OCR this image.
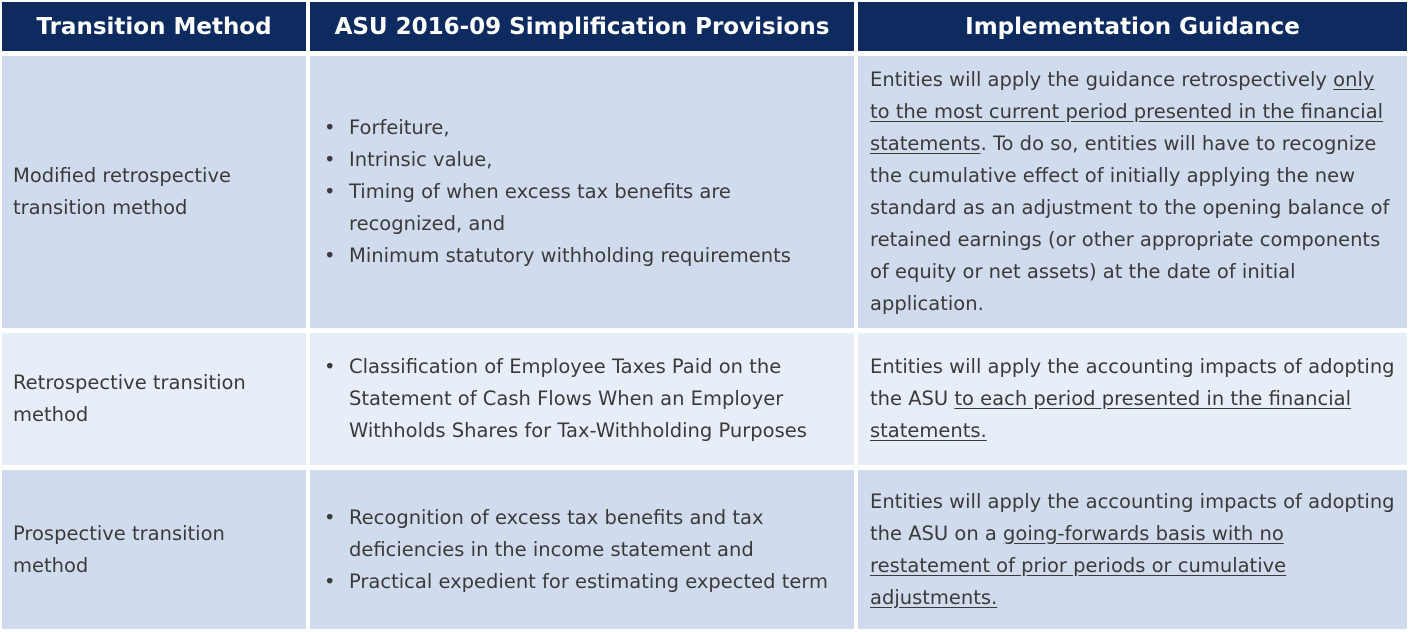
Transition Method	ASU 2016-09 Simplification Provisions	Implementation Guidance
Modified retrospective transition method
• Forfeiture,
• Intrinsic value,
• Timing of when excess tax benefits are recognized, and
• Minimum statutory withholding requirements

Entities will apply the guidance retrospectively only to the most current period presented in the financial statements. To do so, entities will have to recognize the cumulative effect of initially applying the new standard as an adjustment to the opening balance of retained earnings (or other appropriate components of equity or net assets) at the date of initial application.

Retrospective transition method
• Classification of Employee Taxes Paid on the Statement of Cash Flows When an Employer Withholds Shares for Tax-Withholding Purposes

Entities will apply the accounting impacts of adopting the ASU to each period presented in the financial statements.

Prospective transition method
• Recognition of excess tax benefits and tax deficiencies in the income statement and
• Practical expedient for estimating expected term

Entities will apply the accounting impacts of adopting the ASU on a going-forwards basis with no restatement of prior periods or cumulative adjustments.
